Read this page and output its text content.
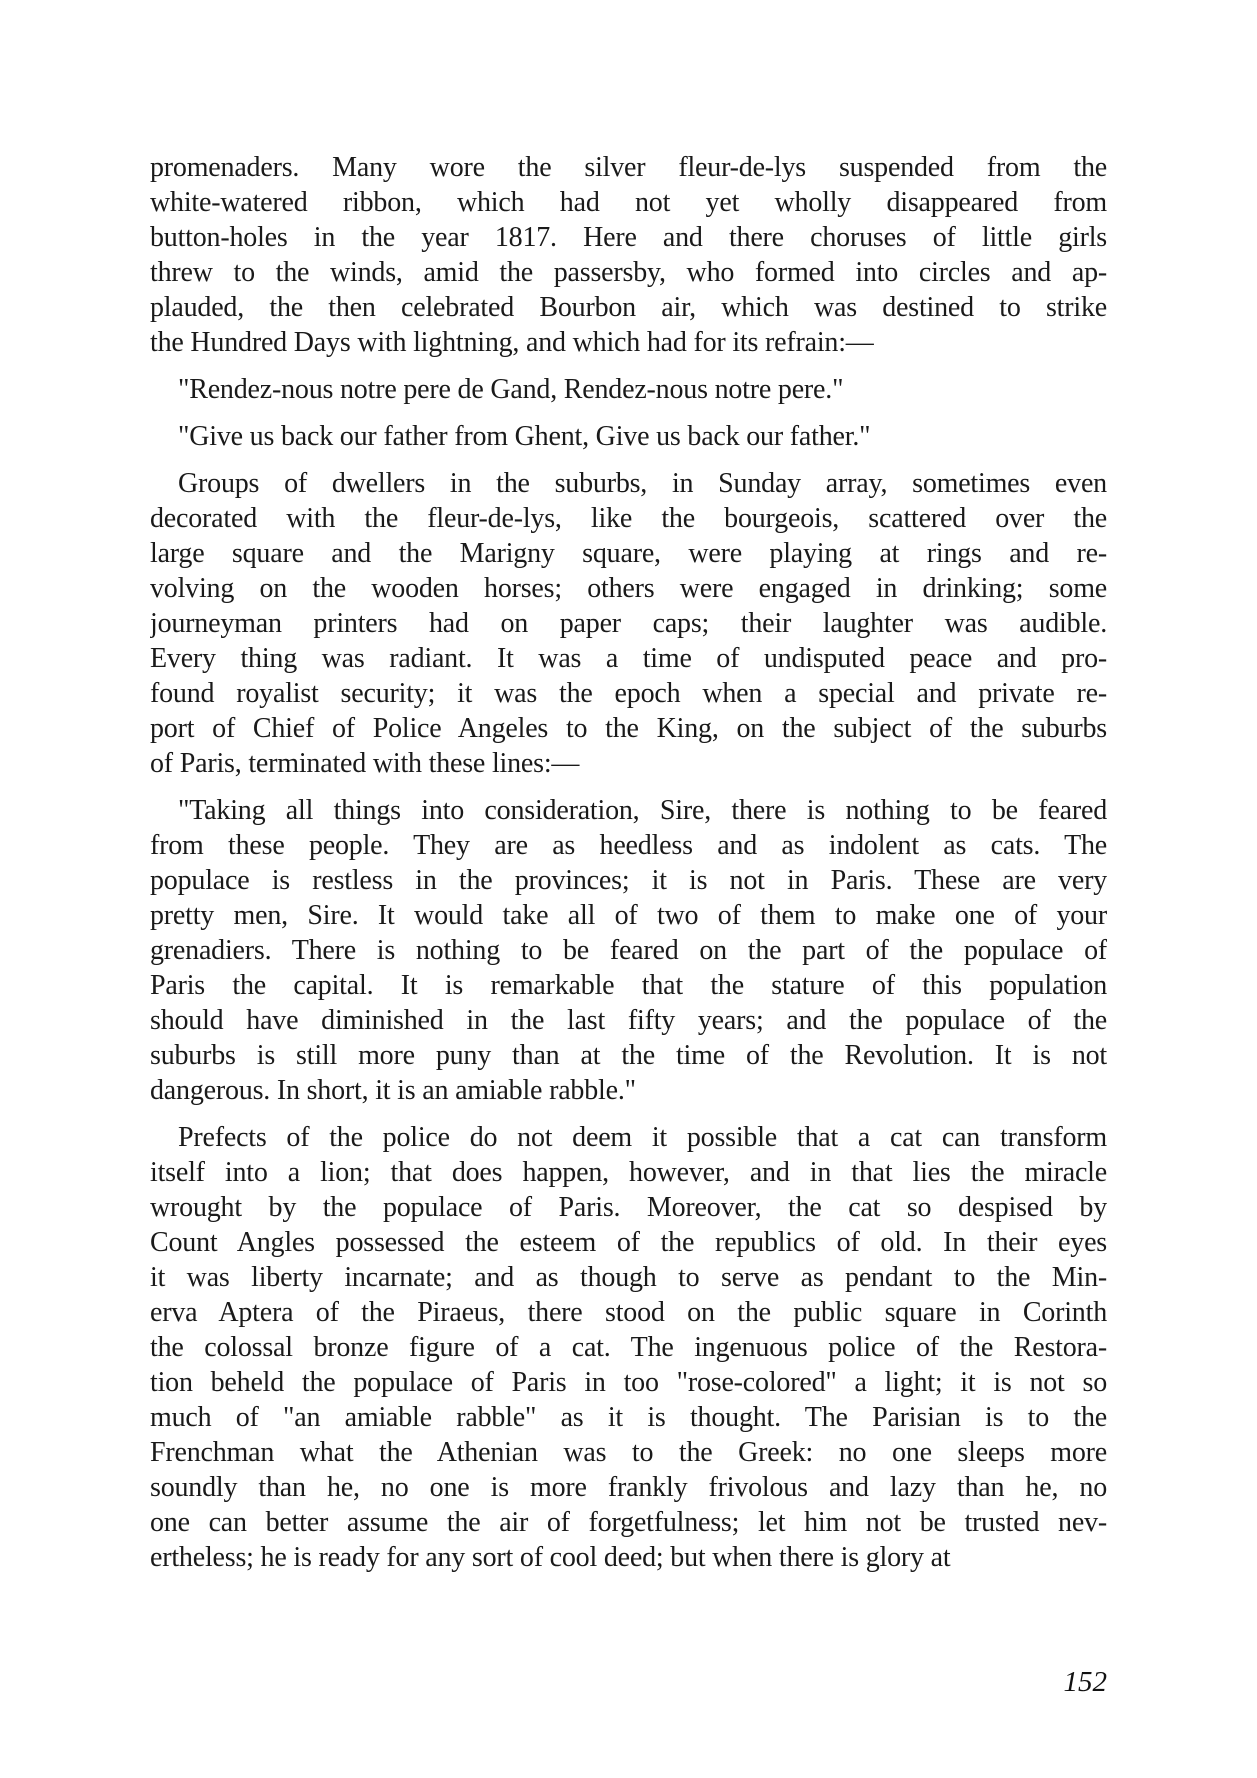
promenaders. Many wore the silver fleur-de-lys suspended from the
white-watered ribbon, which had not yet wholly disappeared from
button-holes in the year 1817. Here and there choruses of little girls
threw to the winds, amid the passersby, who formed into circles and ap-
plauded, the then celebrated Bourbon air, which was destined to strike
the Hundred Days with lightning, and which had for its refrain:—
"Rendez-nous notre pere de Gand, Rendez-nous notre pere."
"Give us back our father from Ghent, Give us back our father."
Groups of dwellers in the suburbs, in Sunday array, sometimes even
decorated with the fleur-de-lys, like the bourgeois, scattered over the
large square and the Marigny square, were playing at rings and re-
volving on the wooden horses; others were engaged in drinking; some
journeyman printers had on paper caps; their laughter was audible.
Every thing was radiant. It was a time of undisputed peace and pro-
found royalist security; it was the epoch when a special and private re-
port of Chief of Police Angeles to the King, on the subject of the suburbs
of Paris, terminated with these lines:—
"Taking all things into consideration, Sire, there is nothing to be feared
from these people. They are as heedless and as indolent as cats. The
populace is restless in the provinces; it is not in Paris. These are very
pretty men, Sire. It would take all of two of them to make one of your
grenadiers. There is nothing to be feared on the part of the populace of
Paris the capital. It is remarkable that the stature of this population
should have diminished in the last fifty years; and the populace of the
suburbs is still more puny than at the time of the Revolution. It is not
dangerous. In short, it is an amiable rabble."
Prefects of the police do not deem it possible that a cat can transform
itself into a lion; that does happen, however, and in that lies the miracle
wrought by the populace of Paris. Moreover, the cat so despised by
Count Angles possessed the esteem of the republics of old. In their eyes
it was liberty incarnate; and as though to serve as pendant to the Min-
erva Aptera of the Piraeus, there stood on the public square in Corinth
the colossal bronze figure of a cat. The ingenuous police of the Restora-
tion beheld the populace of Paris in too "rose-colored" a light; it is not so
much of "an amiable rabble" as it is thought. The Parisian is to the
Frenchman what the Athenian was to the Greek: no one sleeps more
soundly than he, no one is more frankly frivolous and lazy than he, no
one can better assume the air of forgetfulness; let him not be trusted nev-
ertheless; he is ready for any sort of cool deed; but when there is glory at
152
